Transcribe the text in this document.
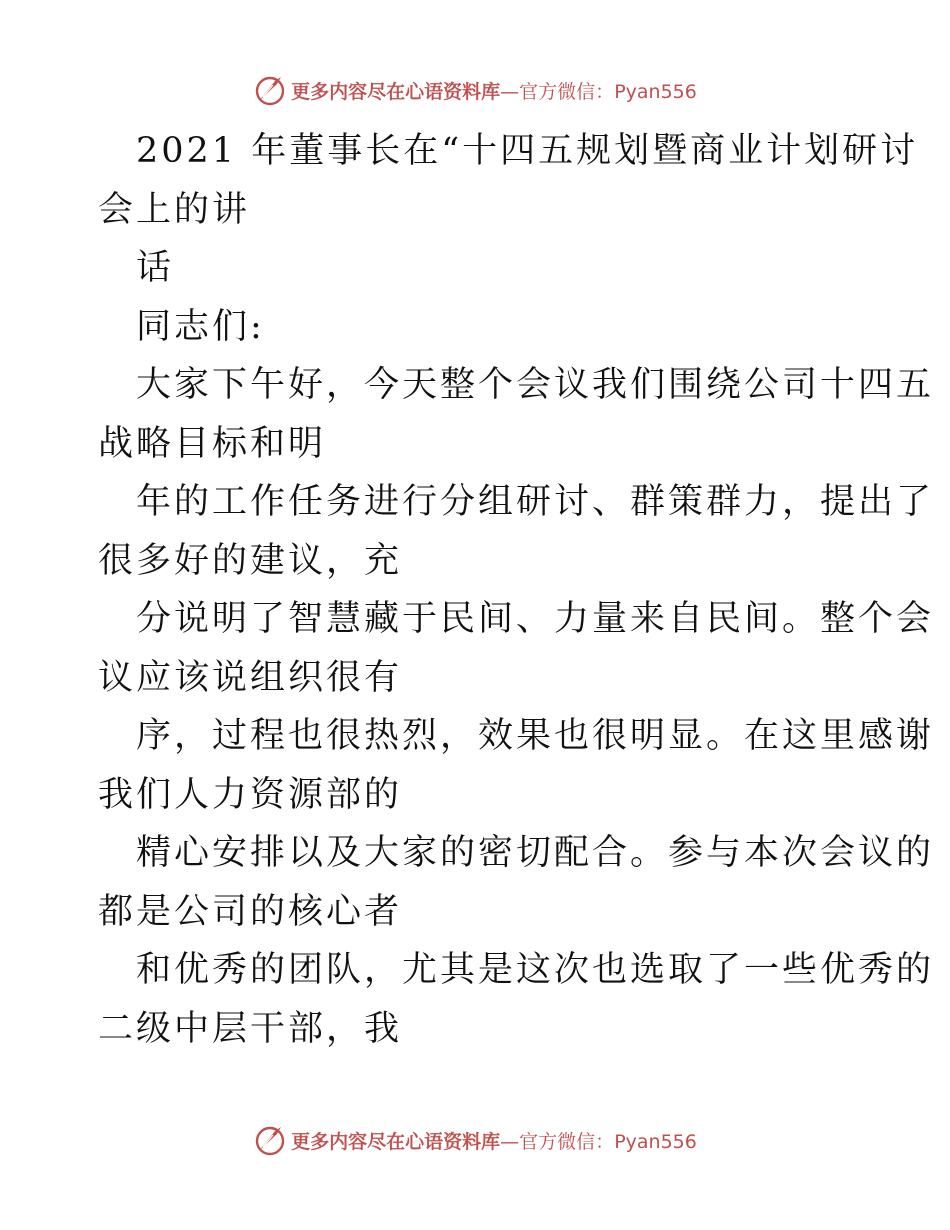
更多内容尽在心语资料库—官方微信：Pyan556
2021 年董事长在“十四五规划暨商业计划研讨
会上的讲
话
同志们:
大家下午好，今天整个会议我们围绕公司十四五
战略目标和明
年的工作任务进行分组研讨、群策群力，提出了
很多好的建议，充
分说明了智慧藏于民间、力量来自民间。整个会
议应该说组织很有
序，过程也很热烈，效果也很明显。在这里感谢
我们人力资源部的
精心安排以及大家的密切配合。参与本次会议的
都是公司的核心者
和优秀的团队，尤其是这次也选取了一些优秀的
二级中层干部，我
更多内容尽在心语资料库—官方微信：Pyan556
